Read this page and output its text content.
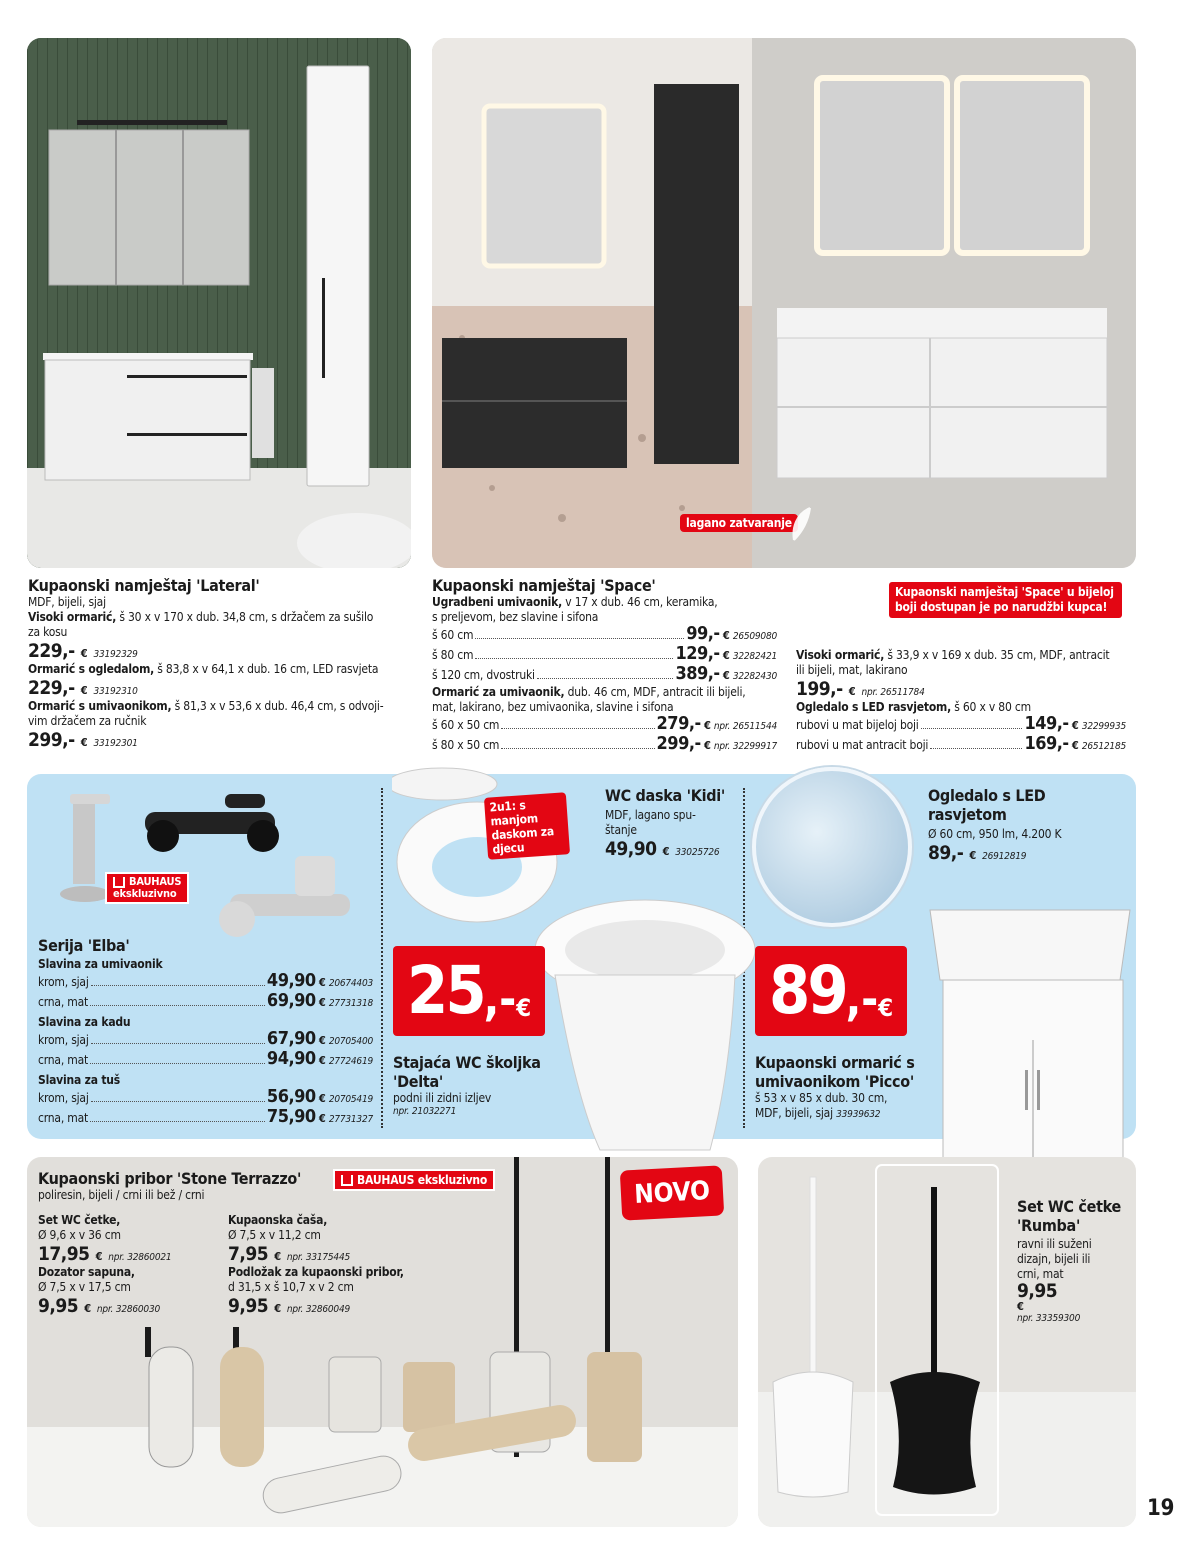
lagano zatvaranje
Kupaonski namještaj 'Lateral'
MDF, bijeli, sjaj
Visoki ormarić, š 30 x v 170 x dub. 34,8 cm, s držačem za sušilo
za kosu
229,- € 33192329
Ormarić s ogledalom, š 83,8 x v 64,1 x dub. 16 cm, LED rasvjeta
229,- € 33192310
Ormarić s umivaonikom, š 81,3 x v 53,6 x dub. 46,4 cm, s odvoji-
vim držačem za ručnik
299,- € 33192301
Kupaonski namještaj 'Space'
Ugradbeni umivaonik, v 17 x dub. 46 cm, keramika,
s preljevom, bez slavine i sifona
š 60 cm	99,-
€
26509080
š 80 cm	129,-
€
32282421
š 120 cm, dvostruki	389,-
€
32282430
Ormarić za umivaonik, dub. 46 cm, MDF, antracit ili bijeli,
mat, lakirano, bez umivaonika, slavine i sifona
š 60 x 50 cm	279,-
€
npr. 26511544
š 80 x 50 cm	299,-
€
npr. 32299917
Kupaonski namještaj 'Space' u bijeloj
boji dostupan je po narudžbi kupca!
Visoki ormarić, š 33,9 x v 169 x dub. 35 cm, MDF, antracit
ili bijeli, mat, lakirano
199,- € npr. 26511784
Ogledalo s LED rasvjetom, š 60 x v 80 cm
rubovi u mat bijeloj boji	149,-
€
32299935
rubovi u mat antracit boji	169,-
€
26512185
BAUHAUS
ekskluzivno
Serija 'Elba'
Slavina za umivaonik
krom, sjaj	49,90
€
20674403
crna, mat	69,90
€
27731318
Slavina za kadu
krom, sjaj	67,90
€
20705400
crna, mat	94,90
€
27724619
Slavina za tuš
krom, sjaj	56,90
€
20705419
crna, mat	75,90
€
27731327
2u1: s manjom
daskom za
djecu
WC daska 'Kidi'
MDF, lagano spu-
štanje
49,90 € 33025726
25 ,- €
Stajaća WC školjka
'Delta'
podni ili zidni izljev
npr. 21032271
Ogledalo s LED
rasvjetom
Ø 60 cm, 950 lm, 4.200 K
89,- € 26912819
89 ,- €
Kupaonski ormarić s
umivaonikom 'Picco'
š 53 x v 85 x dub. 30 cm,
MDF, bijeli, sjaj 33939632
Kupaonski pribor 'Stone Terrazzo'
poliresin, bijeli / crni ili bež / crni
BAUHAUS ekskluzivno	NOVO
Set WC četke,
Ø 9,6 x v 36 cm
17,95 € npr. 32860021
Dozator sapuna,
Ø 7,5 x v 17,5 cm
9,95 € npr. 32860030
Kupaonska čaša,
Ø 7,5 x v 11,2 cm
7,95 € npr. 33175445
Podložak za kupaonski pribor,
d 31,5 x š 10,7 x v 2 cm
9,95 € npr. 32860049
Set WC četke
'Rumba'
ravni ili suženi
dizajn, bijeli ili
crni, mat
9,95
€
npr. 33359300
19
